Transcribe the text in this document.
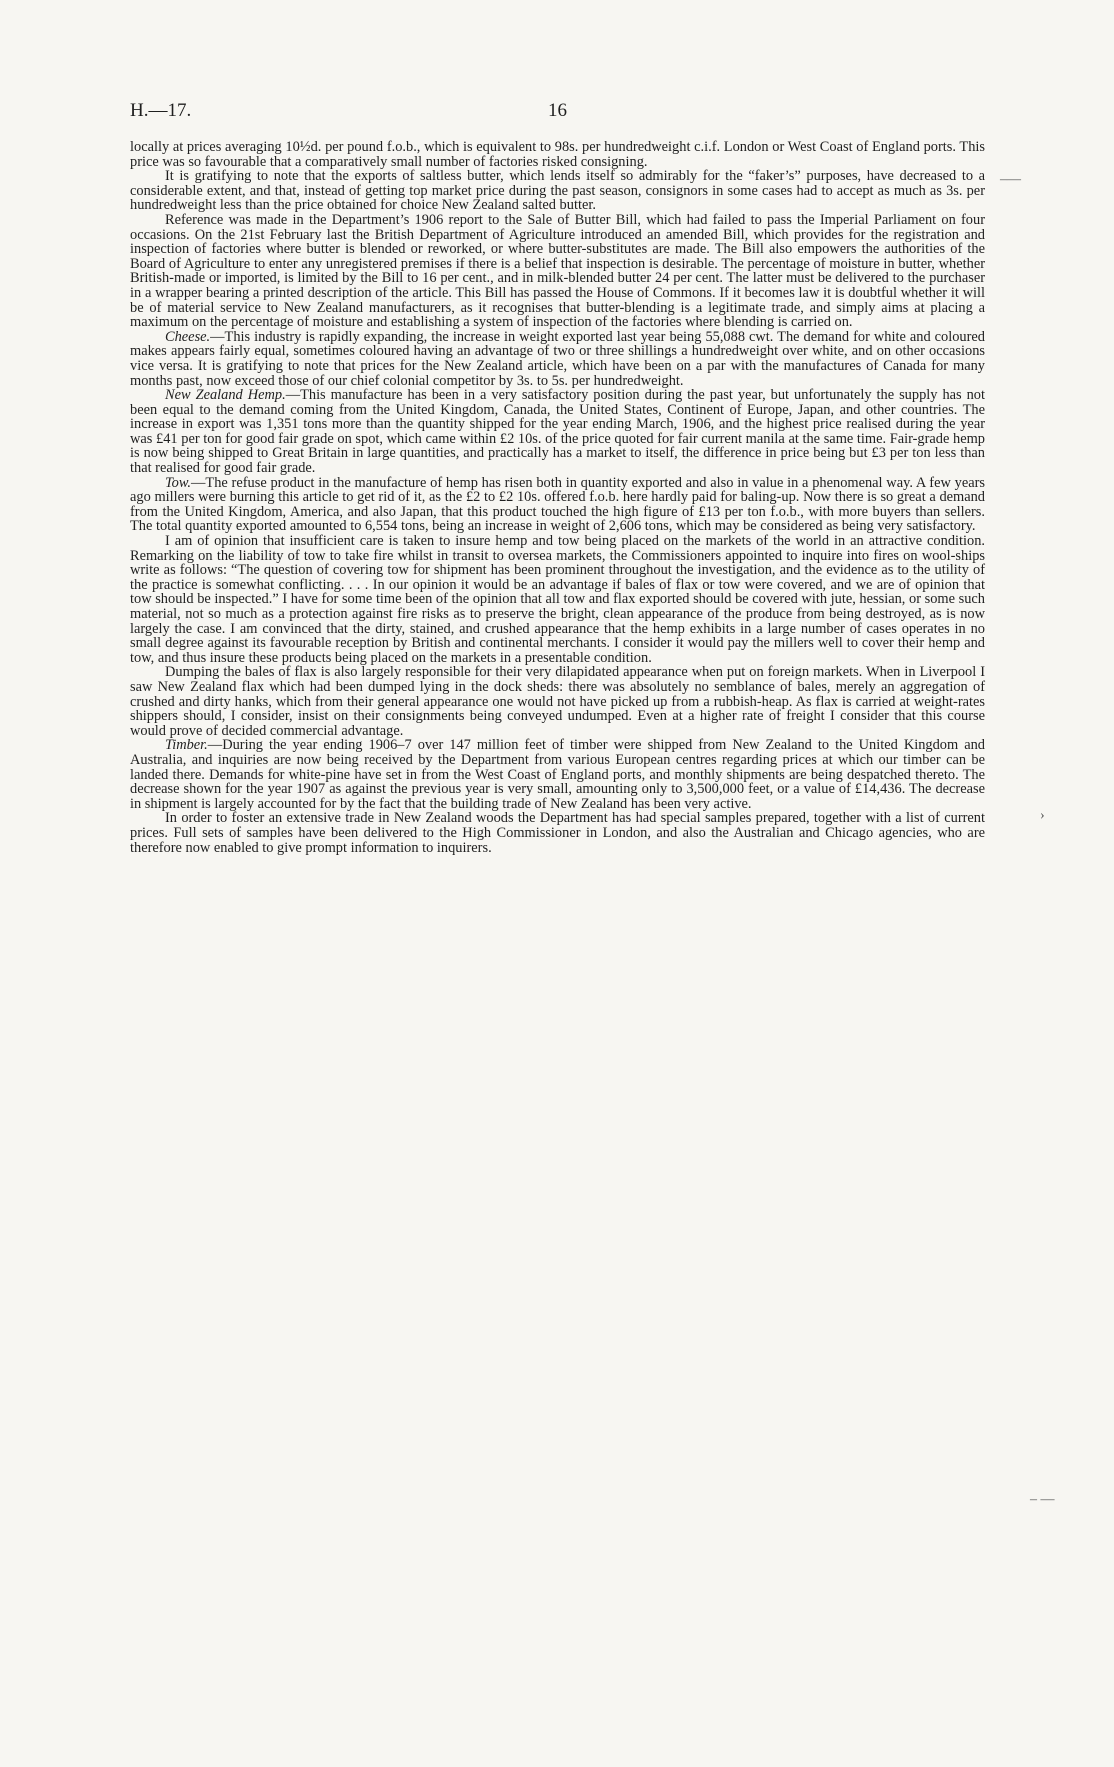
H.—17.	16

locally at prices averaging 10½d. per pound f.o.b., which is equivalent to 98s. per hundredweight c.i.f. London or West Coast of England ports. This price was so favourable that a comparatively small number of factories risked consigning.

It is gratifying to note that the exports of saltless butter, which lends itself so admirably for the “faker’s” purposes, have decreased to a considerable extent, and that, instead of getting top market price during the past season, consignors in some cases had to accept as much as 3s. per hundredweight less than the price obtained for choice New Zealand salted butter.

Reference was made in the Department’s 1906 report to the Sale of Butter Bill, which had failed to pass the Imperial Parliament on four occasions. On the 21st February last the British Department of Agriculture introduced an amended Bill, which provides for the registration and inspection of factories where butter is blended or reworked, or where butter-substitutes are made. The Bill also empowers the authorities of the Board of Agriculture to enter any unregistered premises if there is a belief that inspection is desirable. The percentage of moisture in butter, whether British-made or imported, is limited by the Bill to 16 per cent., and in milk-blended butter 24 per cent. The latter must be delivered to the purchaser in a wrapper bearing a printed description of the article. This Bill has passed the House of Commons. If it becomes law it is doubtful whether it will be of material service to New Zealand manufacturers, as it recognises that butter-blending is a legitimate trade, and simply aims at placing a maximum on the percentage of moisture and establishing a system of inspection of the factories where blending is carried on.

Cheese.—This industry is rapidly expanding, the increase in weight exported last year being 55,088 cwt. The demand for white and coloured makes appears fairly equal, sometimes coloured having an advantage of two or three shillings a hundredweight over white, and on other occasions vice versa. It is gratifying to note that prices for the New Zealand article, which have been on a par with the manufactures of Canada for many months past, now exceed those of our chief colonial competitor by 3s. to 5s. per hundredweight.

New Zealand Hemp.—This manufacture has been in a very satisfactory position during the past year, but unfortunately the supply has not been equal to the demand coming from the United Kingdom, Canada, the United States, Continent of Europe, Japan, and other countries. The increase in export was 1,351 tons more than the quantity shipped for the year ending March, 1906, and the highest price realised during the year was £41 per ton for good fair grade on spot, which came within £2 10s. of the price quoted for fair current manila at the same time. Fair-grade hemp is now being shipped to Great Britain in large quantities, and practically has a market to itself, the difference in price being but £3 per ton less than that realised for good fair grade.

Tow.—The refuse product in the manufacture of hemp has risen both in quantity exported and also in value in a phenomenal way. A few years ago millers were burning this article to get rid of it, as the £2 to £2 10s. offered f.o.b. here hardly paid for baling-up. Now there is so great a demand from the United Kingdom, America, and also Japan, that this product touched the high figure of £13 per ton f.o.b., with more buyers than sellers. The total quantity exported amounted to 6,554 tons, being an increase in weight of 2,606 tons, which may be considered as being very satisfactory.

I am of opinion that insufficient care is taken to insure hemp and tow being placed on the markets of the world in an attractive condition. Remarking on the liability of tow to take fire whilst in transit to oversea markets, the Commissioners appointed to inquire into fires on wool-ships write as follows: “The question of covering tow for shipment has been prominent throughout the investigation, and the evidence as to the utility of the practice is somewhat conflicting. . . . In our opinion it would be an advantage if bales of flax or tow were covered, and we are of opinion that tow should be inspected.” I have for some time been of the opinion that all tow and flax exported should be covered with jute, hessian, or some such material, not so much as a protection against fire risks as to preserve the bright, clean appearance of the produce from being destroyed, as is now largely the case. I am convinced that the dirty, stained, and crushed appearance that the hemp exhibits in a large number of cases operates in no small degree against its favourable reception by British and continental merchants. I consider it would pay the millers well to cover their hemp and tow, and thus insure these products being placed on the markets in a presentable condition.

Dumping the bales of flax is also largely responsible for their very dilapidated appearance when put on foreign markets. When in Liverpool I saw New Zealand flax which had been dumped lying in the dock sheds: there was absolutely no semblance of bales, merely an aggregation of crushed and dirty hanks, which from their general appearance one would not have picked up from a rubbish-heap. As flax is carried at weight-rates shippers should, I consider, insist on their consignments being conveyed undumped. Even at a higher rate of freight I consider that this course would prove of decided commercial advantage.

Timber.—During the year ending 1906–7 over 147 million feet of timber were shipped from New Zealand to the United Kingdom and Australia, and inquiries are now being received by the Department from various European centres regarding prices at which our timber can be landed there. Demands for white-pine have set in from the West Coast of England ports, and monthly shipments are being despatched thereto. The decrease shown for the year 1907 as against the previous year is very small, amounting only to 3,500,000 feet, or a value of £14,436. The decrease in shipment is largely accounted for by the fact that the building trade of New Zealand has been very active.

In order to foster an extensive trade in New Zealand woods the Department has had special samples prepared, together with a list of current prices. Full sets of samples have been delivered to the High Commissioner in London, and also the Australian and Chicago agencies, who are therefore now enabled to give prompt information to inquirers.

–⁠—
›
– —
